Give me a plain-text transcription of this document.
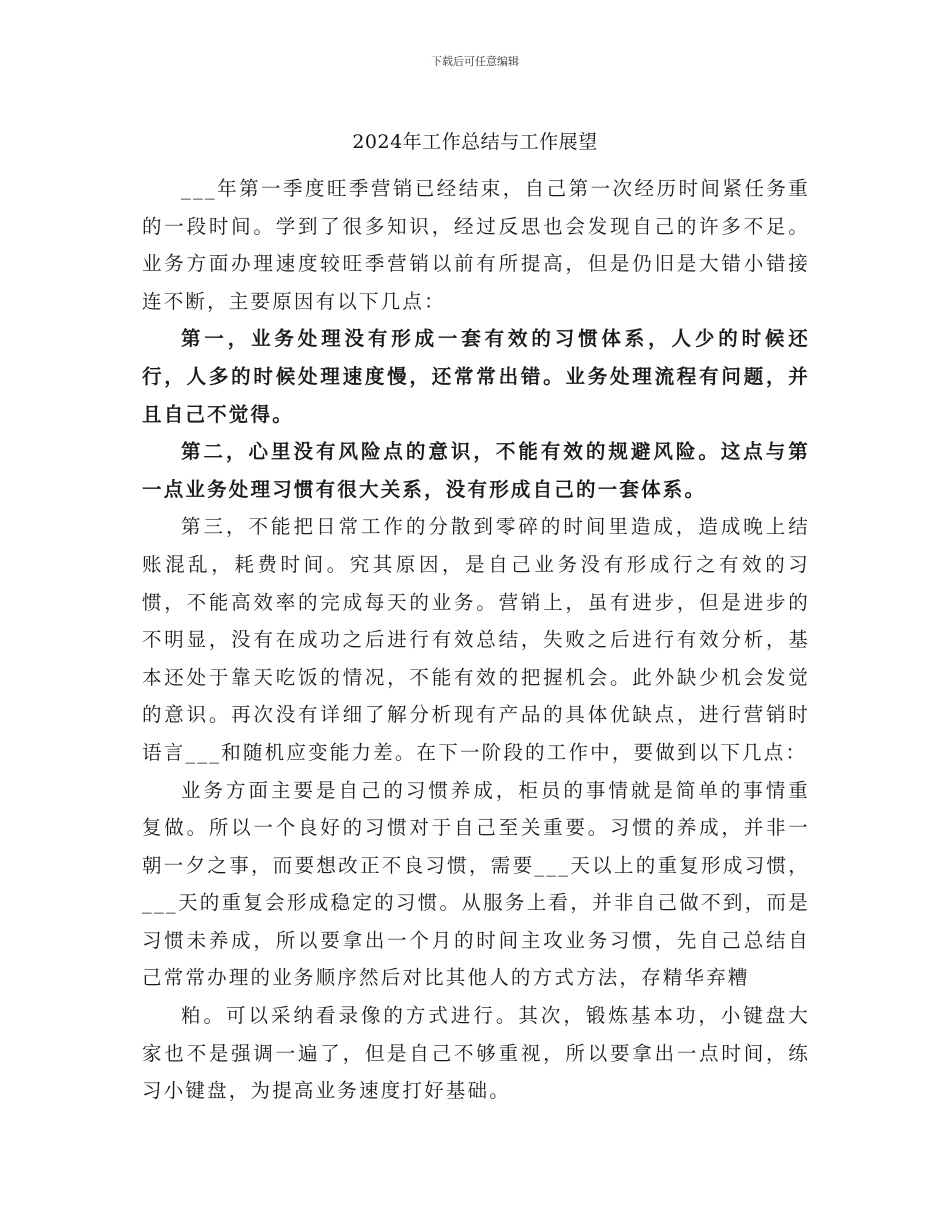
下载后可任意编辑
2024年工作总结与工作展望

___年第一季度旺季营销已经结束，自己第一次经历时间紧任务重的一段时间。学到了很多知识，经过反思也会发现自己的许多不足。业务方面办理速度较旺季营销以前有所提高，但是仍旧是大错小错接连不断，主要原因有以下几点：

第一，业务处理没有形成一套有效的习惯体系，人少的时候还行，人多的时候处理速度慢，还常常出错。业务处理流程有问题，并且自己不觉得。

第二，心里没有风险点的意识，不能有效的规避风险。这点与第一点业务处理习惯有很大关系，没有形成自己的一套体系。

第三，不能把日常工作的分散到零碎的时间里造成，造成晚上结账混乱，耗费时间。究其原因，是自己业务没有形成行之有效的习惯，不能高效率的完成每天的业务。营销上，虽有进步，但是进步的不明显，没有在成功之后进行有效总结，失败之后进行有效分析，基本还处于靠天吃饭的情况，不能有效的把握机会。此外缺少机会发觉的意识。再次没有详细了解分析现有产品的具体优缺点，进行营销时语言___和随机应变能力差。在下一阶段的工作中，要做到以下几点：

业务方面主要是自己的习惯养成，柜员的事情就是简单的事情重复做。所以一个良好的习惯对于自己至关重要。习惯的养成，并非一朝一夕之事，而要想改正不良习惯，需要___天以上的重复形成习惯，___天的重复会形成稳定的习惯。从服务上看，并非自己做不到，而是习惯未养成，所以要拿出一个月的时间主攻业务习惯，先自己总结自己常常办理的业务顺序然后对比其他人的方式方法，存精华弃糟

粕。可以采纳看录像的方式进行。其次，锻炼基本功，小键盘大家也不是强调一遍了，但是自己不够重视，所以要拿出一点时间，练习小键盘，为提高业务速度打好基础。
